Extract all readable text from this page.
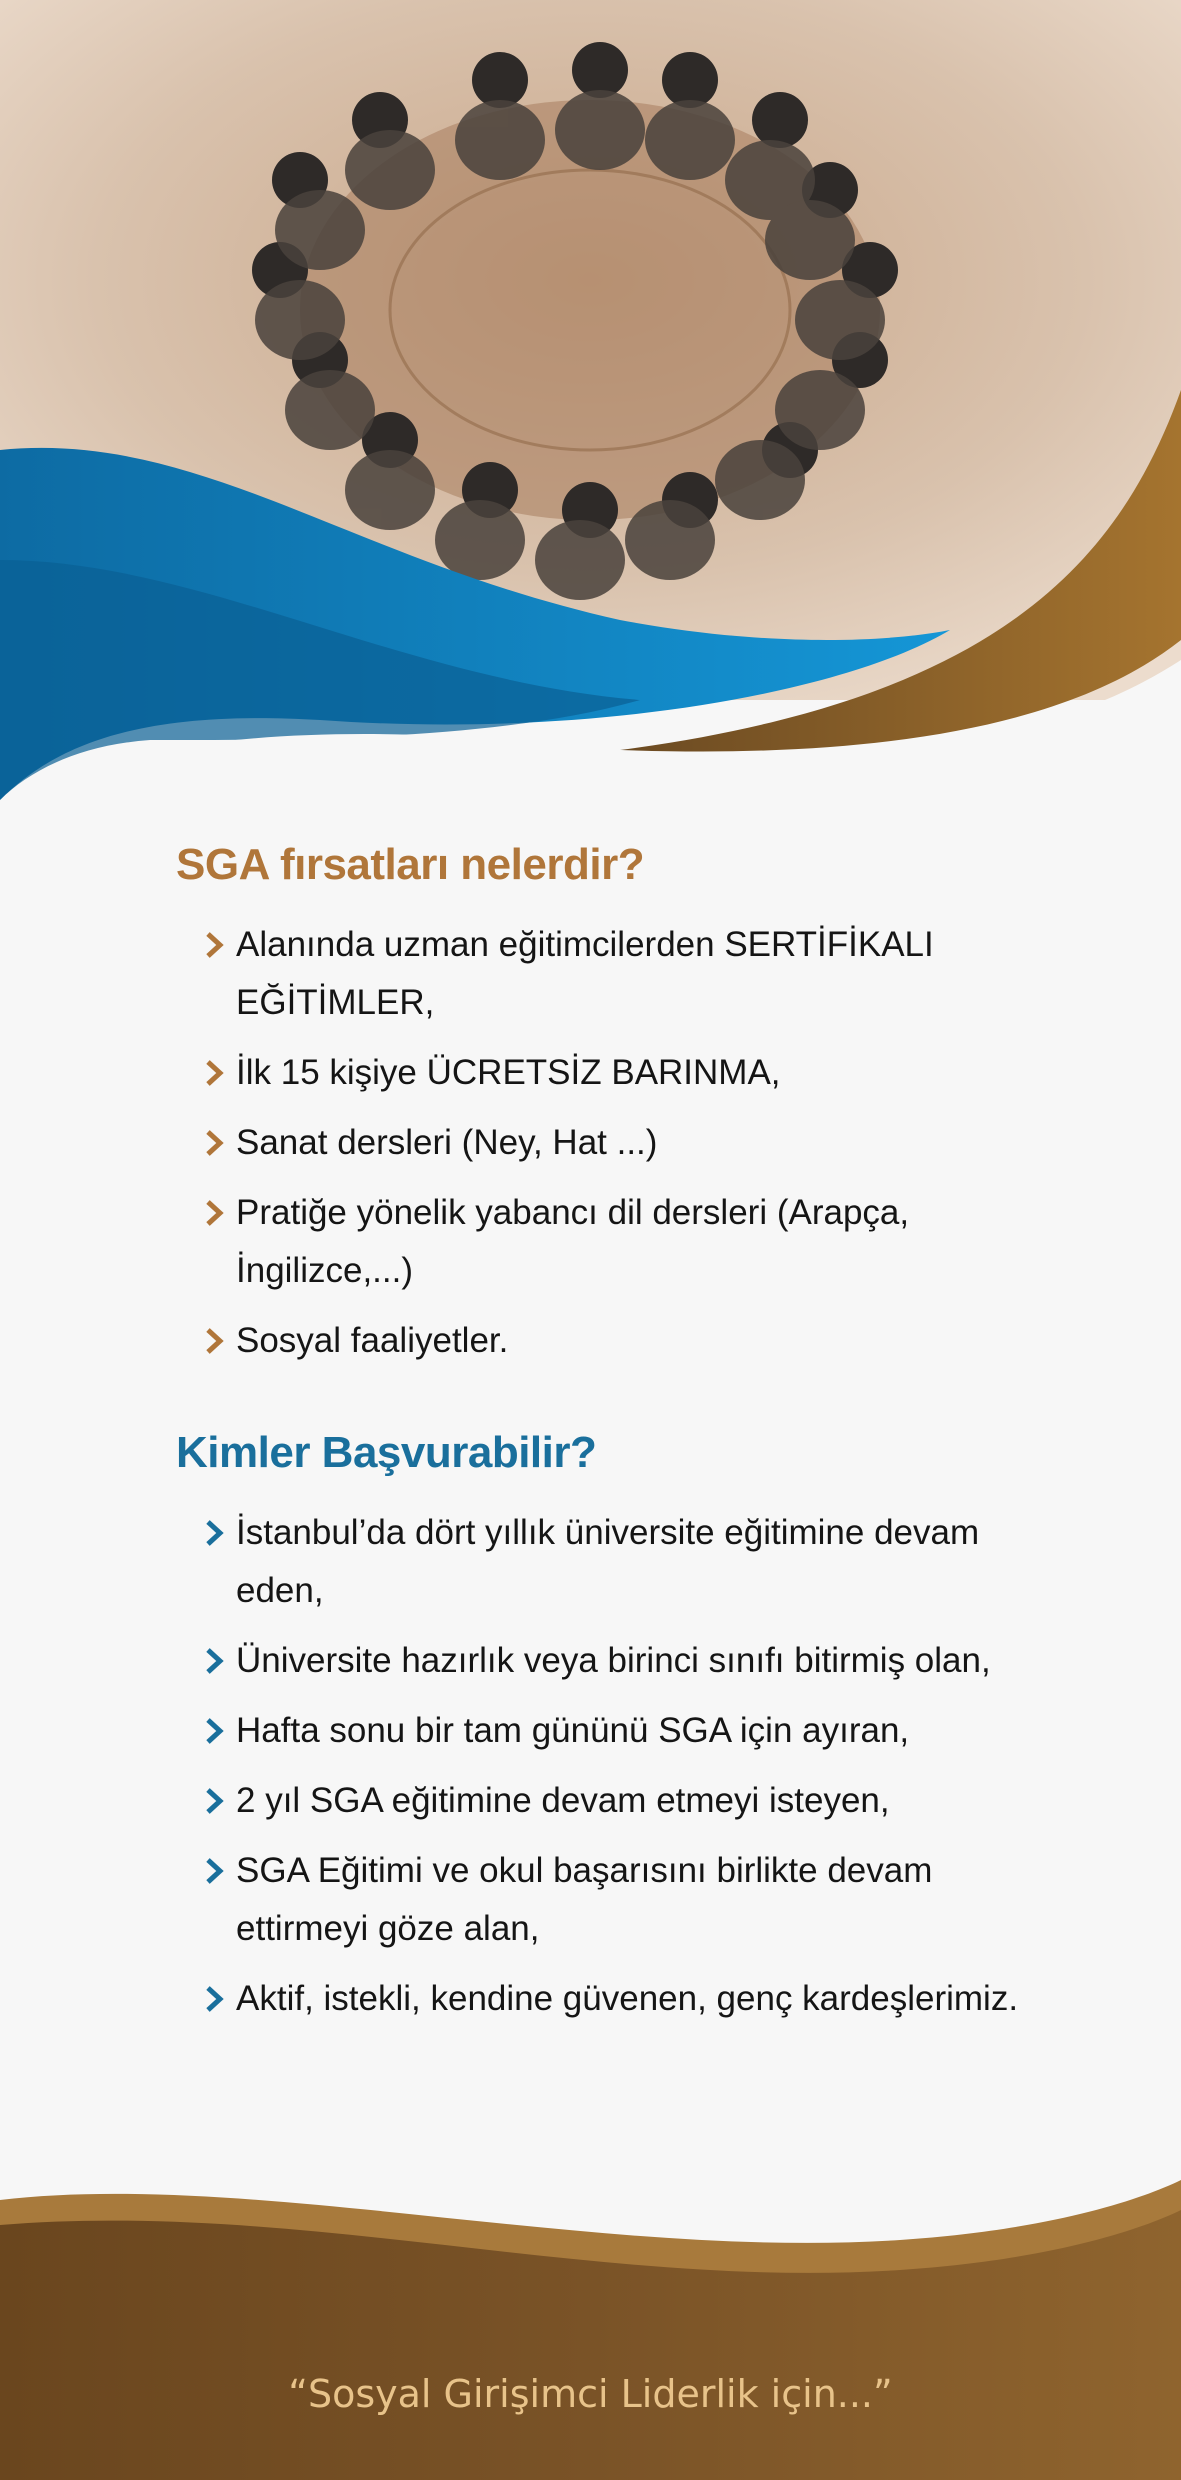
SGA fırsatları nelerdir?
Alanında uzman eğitimcilerden SERTİFİKALI EĞİTİMLER,
İlk 15 kişiye ÜCRETSİZ BARINMA,
Sanat dersleri (Ney, Hat ...)
Pratiğe yönelik yabancı dil dersleri (Arapça, İngilizce,...)
Sosyal faaliyetler.
Kimler Başvurabilir?
İstanbul’da dört yıllık üniversite eğitimine devam eden,
Üniversite hazırlık veya birinci sınıfı bitirmiş olan,
Hafta sonu bir tam gününü SGA için ayıran,
2 yıl SGA eğitimine devam etmeyi isteyen,
SGA Eğitimi ve okul başarısını birlikte devam ettirmeyi göze alan,
Aktif, istekli, kendine güvenen, genç kardeşlerimiz.
“Sosyal Girişimci Liderlik için...”
